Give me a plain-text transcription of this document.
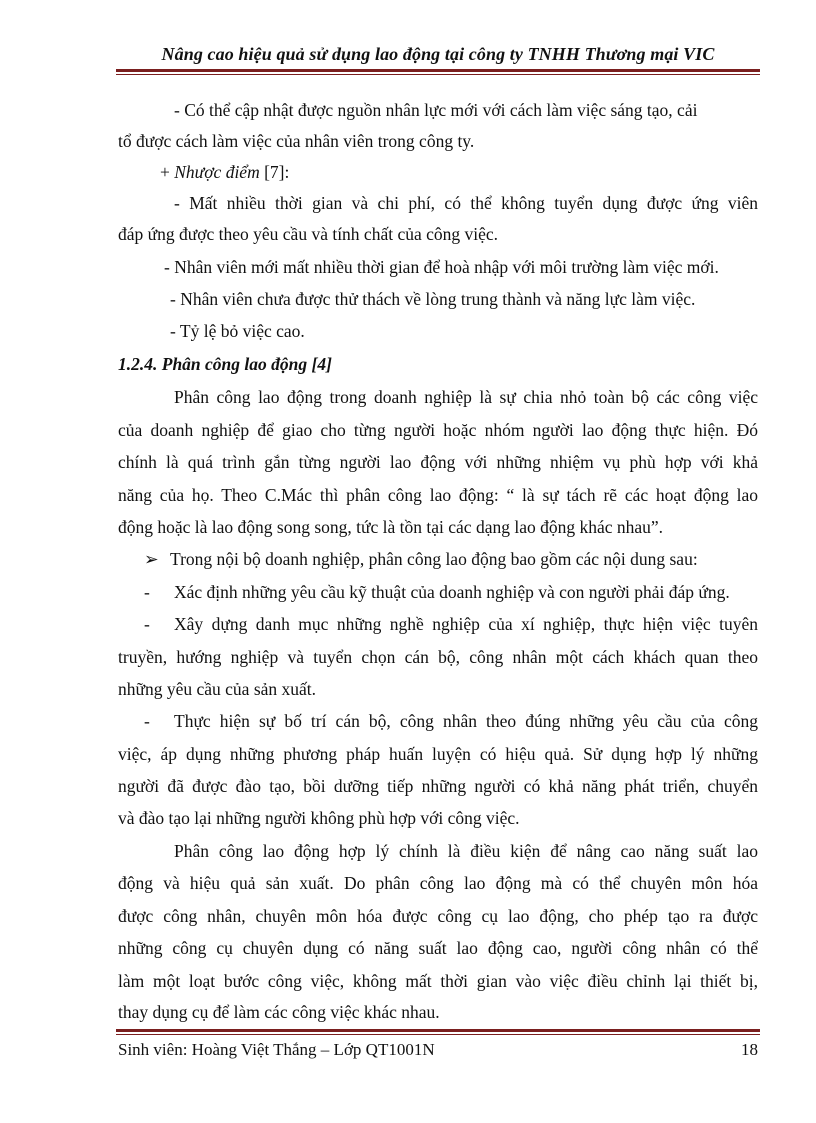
Nâng cao hiệu quả sử dụng lao động tại công ty TNHH Thương mại VIC
- Có thể cập nhật được nguồn nhân lực mới với cách làm việc sáng tạo, cải
tổ được cách làm việc của nhân viên trong công ty.
+ Nhược điểm [7]:
- Mất nhiều thời gian và chi phí, có thể không tuyển dụng được ứng viên
đáp ứng được theo yêu cầu và tính chất của công việc.
- Nhân viên mới mất nhiều thời gian để hoà nhập với môi trường làm việc mới.
- Nhân viên chưa được thử thách về lòng trung thành và năng lực làm việc.
- Tỷ lệ bỏ việc cao.
1.2.4. Phân công lao động [4]
Phân công lao động trong doanh nghiệp là sự chia nhỏ toàn bộ các công việc
của doanh nghiệp để giao cho từng người hoặc nhóm người lao động thực hiện. Đó
chính là quá trình gắn từng người lao động với những nhiệm vụ phù hợp với khả
năng của họ. Theo C.Mác thì phân công lao động: “ là sự tách rẽ các hoạt động lao
động hoặc là lao động song song, tức là tồn tại các dạng lao động khác nhau”.
➢ Trong nội bộ doanh nghiệp, phân công lao động bao gồm các nội dung sau:
- Xác định những yêu cầu kỹ thuật của doanh nghiệp và con người phải đáp ứng.
- Xây dựng danh mục những nghề nghiệp của xí nghiệp, thực hiện việc tuyên
truyền, hướng nghiệp và tuyển chọn cán bộ, công nhân một cách khách quan theo
những yêu cầu của sản xuất.
- Thực hiện sự bố trí cán bộ, công nhân theo đúng những yêu cầu của công
việc, áp dụng những phương pháp huấn luyện có hiệu quả. Sử dụng hợp lý những
người đã được đào tạo, bồi dưỡng tiếp những người có khả năng phát triển, chuyển
và đào tạo lại những người không phù hợp với công việc.
Phân công lao động hợp lý chính là điều kiện để nâng cao năng suất lao
động và hiệu quả sản xuất. Do phân công lao động mà có thể chuyên môn hóa
được công nhân, chuyên môn hóa được công cụ lao động, cho phép tạo ra được
những công cụ chuyên dụng có năng suất lao động cao, người công nhân có thể
làm một loạt bước công việc, không mất thời gian vào việc điều chỉnh lại thiết bị,
thay dụng cụ để làm các công việc khác nhau.
Sinh viên: Hoàng Việt Thắng – Lớp QT1001N	18
